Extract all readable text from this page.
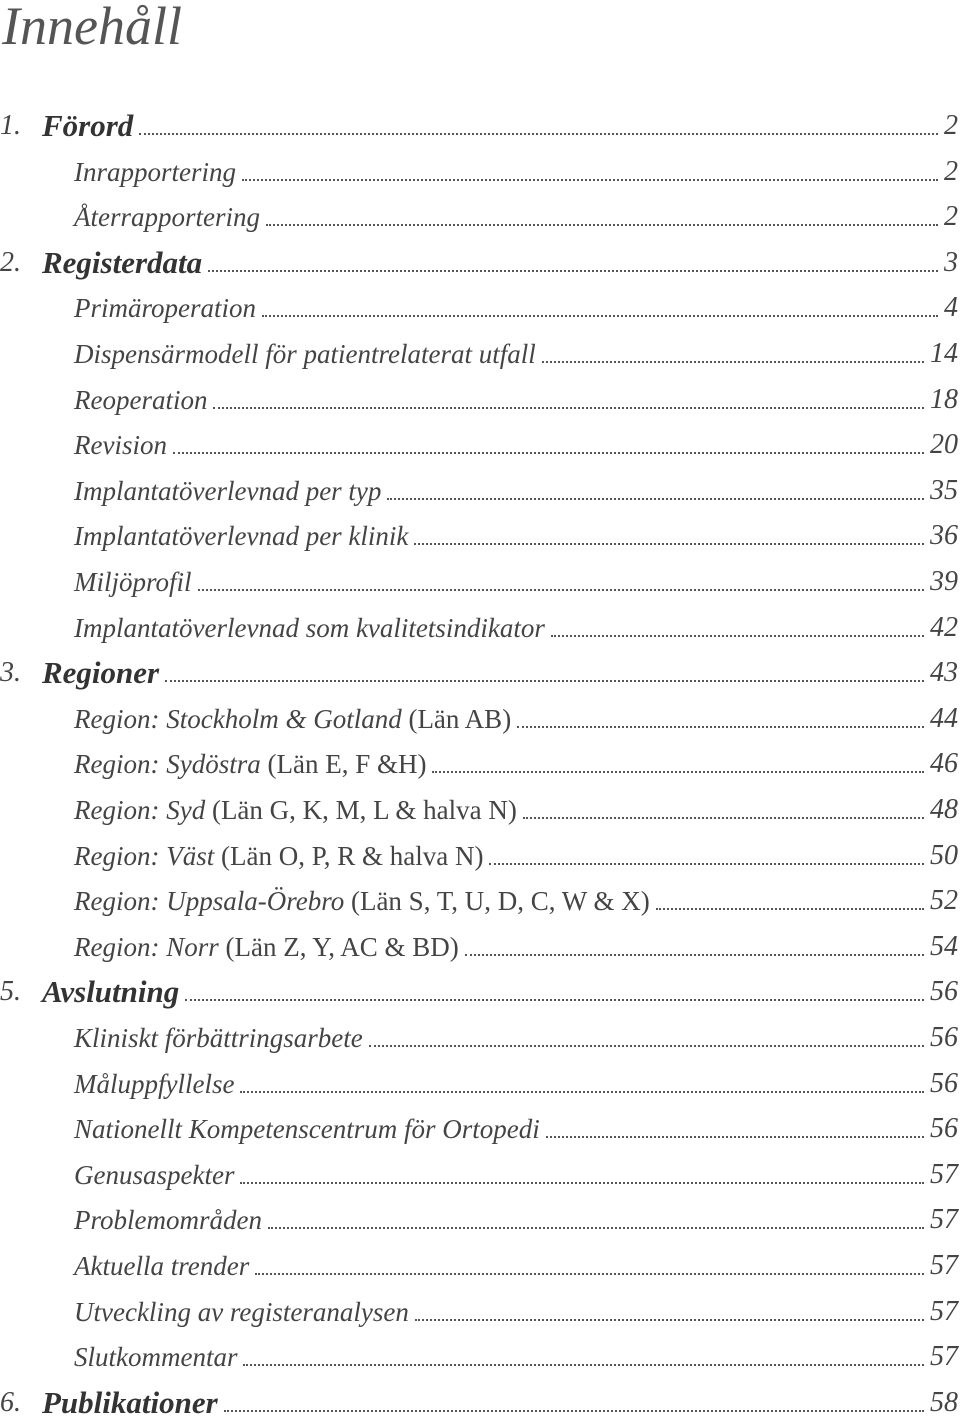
Innehåll
1. Förord	2
Inrapportering	2
Återrapportering	2
2. Registerdata	3
Primäroperation	4
Dispensärmodell för patientrelaterat utfall	14
Reoperation	18
Revision	20
Implantatöverlevnad per typ	35
Implantatöverlevnad per klinik	36
Miljöprofil	39
Implantatöverlevnad som kvalitetsindikator	42
3. Regioner	43
Region: Stockholm & Gotland (Län AB)	44
Region: Sydöstra (Län E, F &H)	46
Region: Syd (Län G, K, M, L & halva N)	48
Region: Väst (Län O, P, R & halva N)	50
Region: Uppsala-Örebro (Län S, T, U, D, C, W & X)	52
Region: Norr (Län Z, Y, AC & BD)	54
5. Avslutning	56
Kliniskt förbättringsarbete	56
Måluppfyllelse	56
Nationellt Kompetenscentrum för Ortopedi	56
Genusaspekter	57
Problemområden	57
Aktuella trender	57
Utveckling av registeranalysen	57
Slutkommentar	57
6. Publikationer	58
